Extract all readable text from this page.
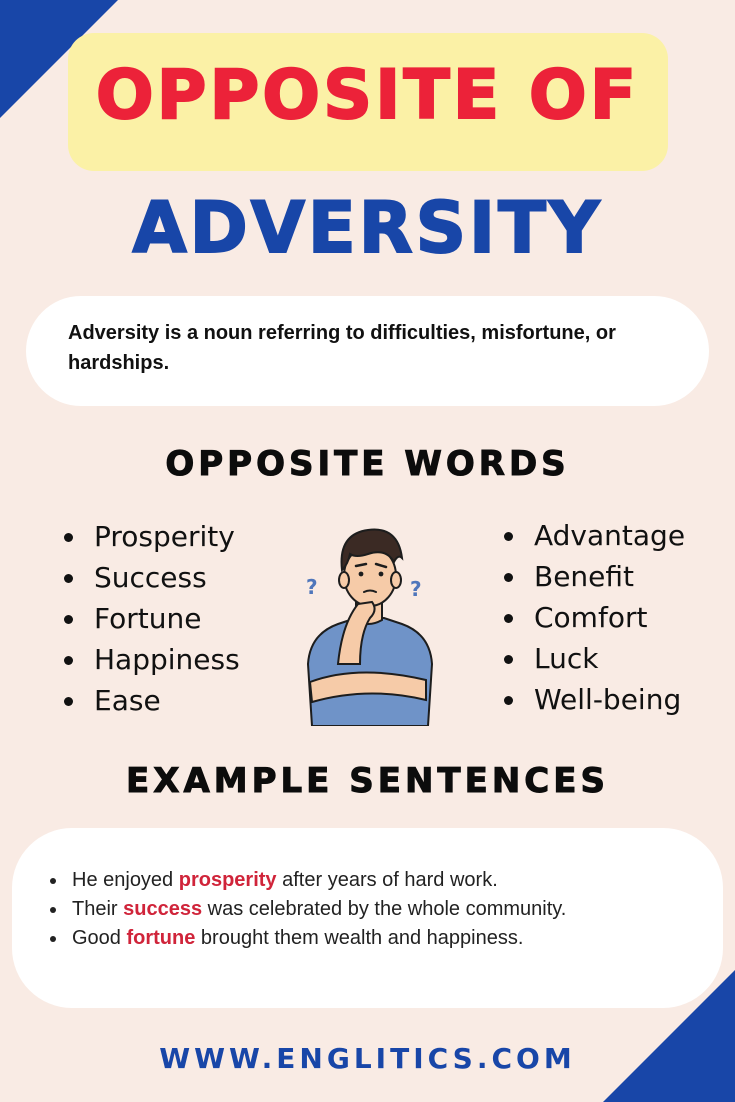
OPPOSITE OF
ADVERSITY
Adversity is a noun referring to difficulties, misfortune, or hardships.
OPPOSITE WORDS
Prosperity
Success
Fortune
Happiness
Ease
?	?
Advantage
Benefit
Comfort
Luck
Well-being
EXAMPLE SENTENCES
He enjoyed prosperity after years of hard work.
Their success was celebrated by the whole community.
Good fortune brought them wealth and happiness.
WWW.ENGLITICS.COM
